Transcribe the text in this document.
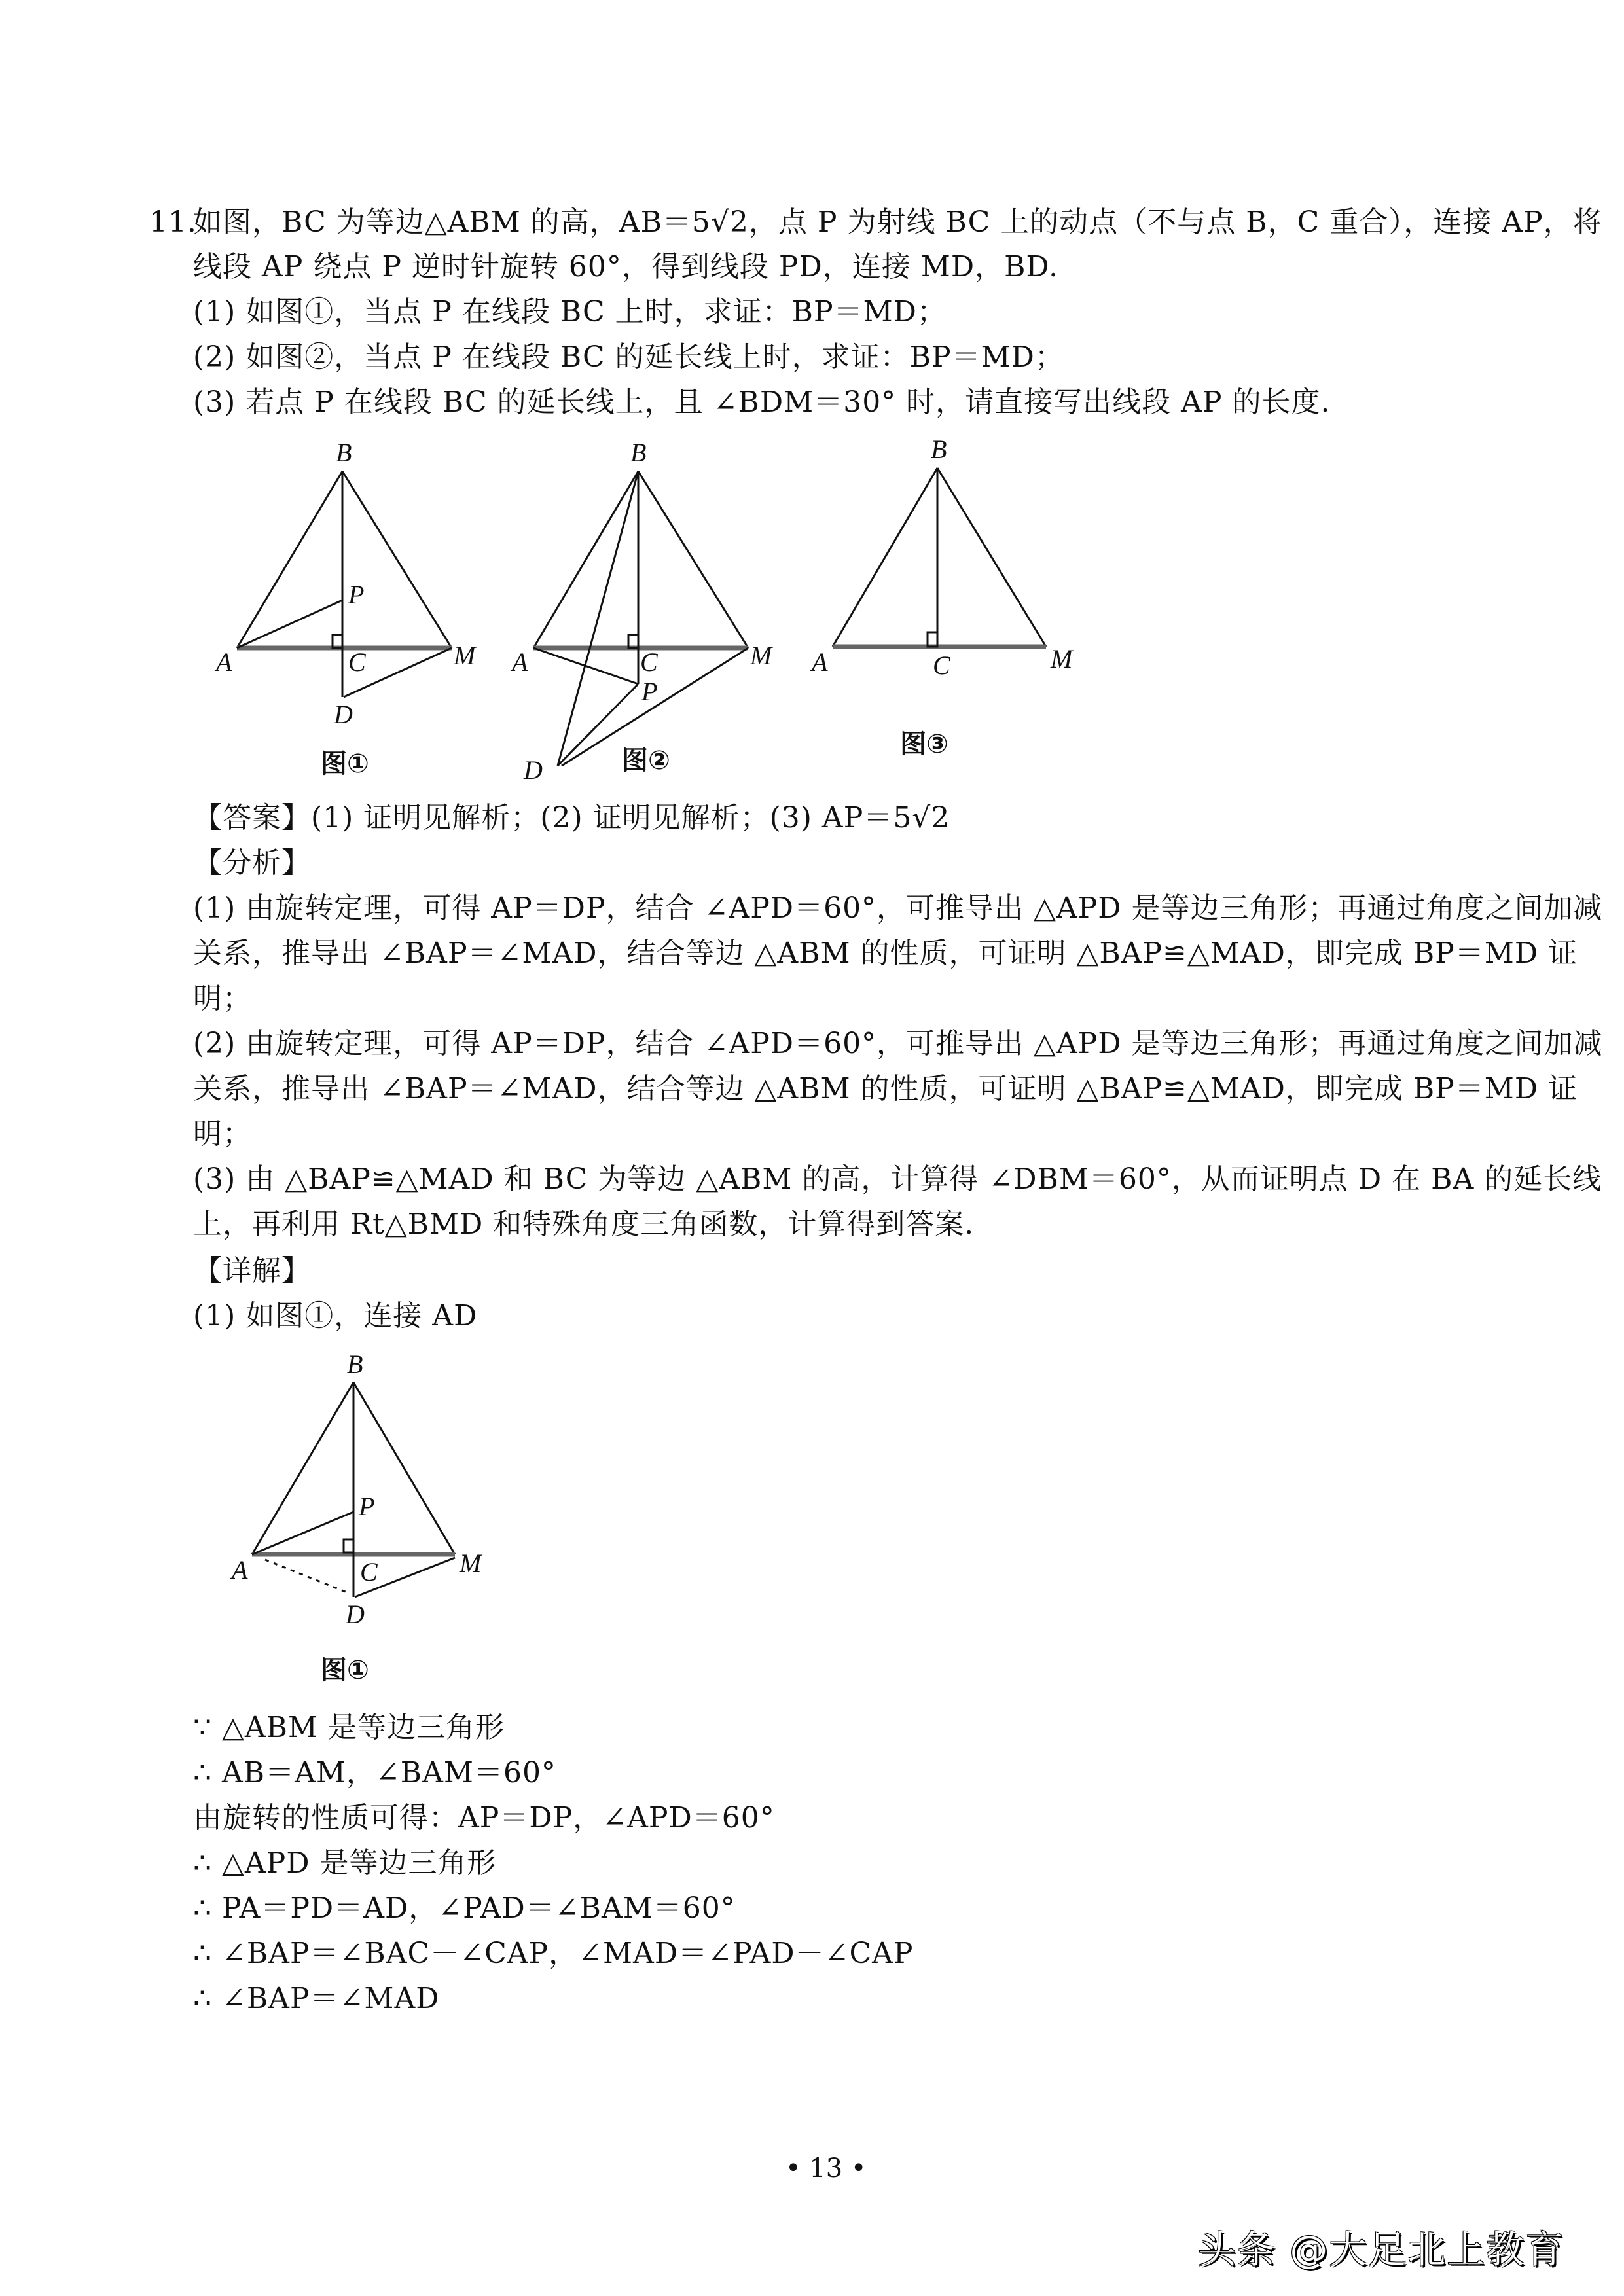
11.
如图，BC 为等边△ABM 的高，AB＝5√2，点 P 为射线 BC 上的动点（不与点 B，C 重合），连接 AP，将
线段 AP 绕点 P 逆时针旋转 60°，得到线段 PD，连接 MD，BD.
(1) 如图①，当点 P 在线段 BC 上时，求证：BP＝MD；
(2) 如图②，当点 P 在线段 BC 的延长线上时，求证：BP＝MD；
(3) 若点 P 在线段 BC 的延长线上，且 ∠BDM＝30° 时，请直接写出线段 AP 的长度.
B
A	M
C
P
D
图①
B
A	M
C
P
D	图②
B
A	M
C
图③
【答案】(1) 证明见解析；(2) 证明见解析；(3) AP＝5√2
【分析】
(1) 由旋转定理，可得 AP＝DP，结合 ∠APD＝60°，可推导出 △APD 是等边三角形；再通过角度之间加减
关系，推导出 ∠BAP＝∠MAD，结合等边 △ABM 的性质，可证明 △BAP≌△MAD，即完成 BP＝MD 证
明；
(2) 由旋转定理，可得 AP＝DP，结合 ∠APD＝60°，可推导出 △APD 是等边三角形；再通过角度之间加减
关系，推导出 ∠BAP＝∠MAD，结合等边 △ABM 的性质，可证明 △BAP≌△MAD，即完成 BP＝MD 证
明；
(3) 由 △BAP≌△MAD 和 BC 为等边 △ABM 的高，计算得 ∠DBM＝60°，从而证明点 D 在 BA 的延长线
上，再利用 Rt△BMD 和特殊角度三角函数，计算得到答案.
【详解】
(1) 如图①，连接 AD
B
A	M
C
P
D
图①
∵ △ABM 是等边三角形
∴ AB＝AM，∠BAM＝60°
由旋转的性质可得：AP＝DP，∠APD＝60°
∴ △APD 是等边三角形
∴ PA＝PD＝AD，∠PAD＝∠BAM＝60°
∴ ∠BAP＝∠BAC－∠CAP，∠MAD＝∠PAD－∠CAP
∴ ∠BAP＝∠MAD
• 13 •
头条 @大足北上教育
